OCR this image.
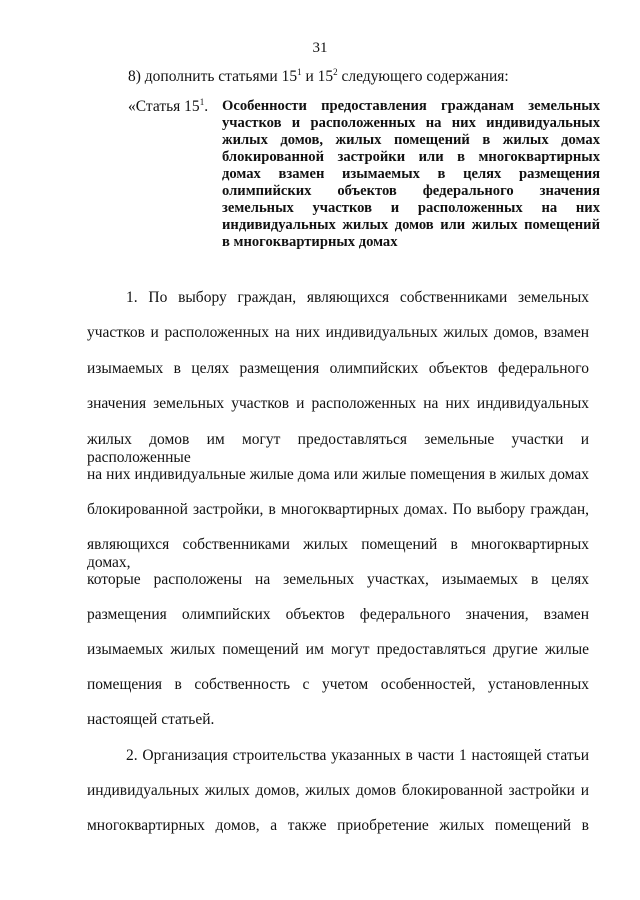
31
8) дополнить статьями $15^1$ и $15^2$ следующего содержания:
«Статья $15^1$. Особенности предоставления гражданам земельных
участков и расположенных на них индивидуальных
жилых домов, жилых помещений в жилых домах
блокированной застройки или в многоквартирных
домах взамен изымаемых в целях размещения
олимпийских объектов федерального значения
земельных участков и расположенных на них
индивидуальных жилых домов или жилых помещений
в многоквартирных домах
1. По выбору граждан, являющихся собственниками земельных
участков и расположенных на них индивидуальных жилых домов, взамен
изымаемых в целях размещения олимпийских объектов федерального
значения земельных участков и расположенных на них индивидуальных
жилых домов им могут предоставляться земельные участки и расположенные
на них индивидуальные жилые дома или жилые помещения в жилых домах
блокированной застройки, в многоквартирных домах. По выбору граждан,
являющихся собственниками жилых помещений в многоквартирных домах,
которые расположены на земельных участках, изымаемых в целях
размещения олимпийских объектов федерального значения, взамен
изымаемых жилых помещений им могут предоставляться другие жилые
помещения в собственность с учетом особенностей, установленных
настоящей статьей.
2. Организация строительства указанных в части 1 настоящей статьи
индивидуальных жилых домов, жилых домов блокированной застройки и
многоквартирных домов, а также приобретение жилых помещений в
